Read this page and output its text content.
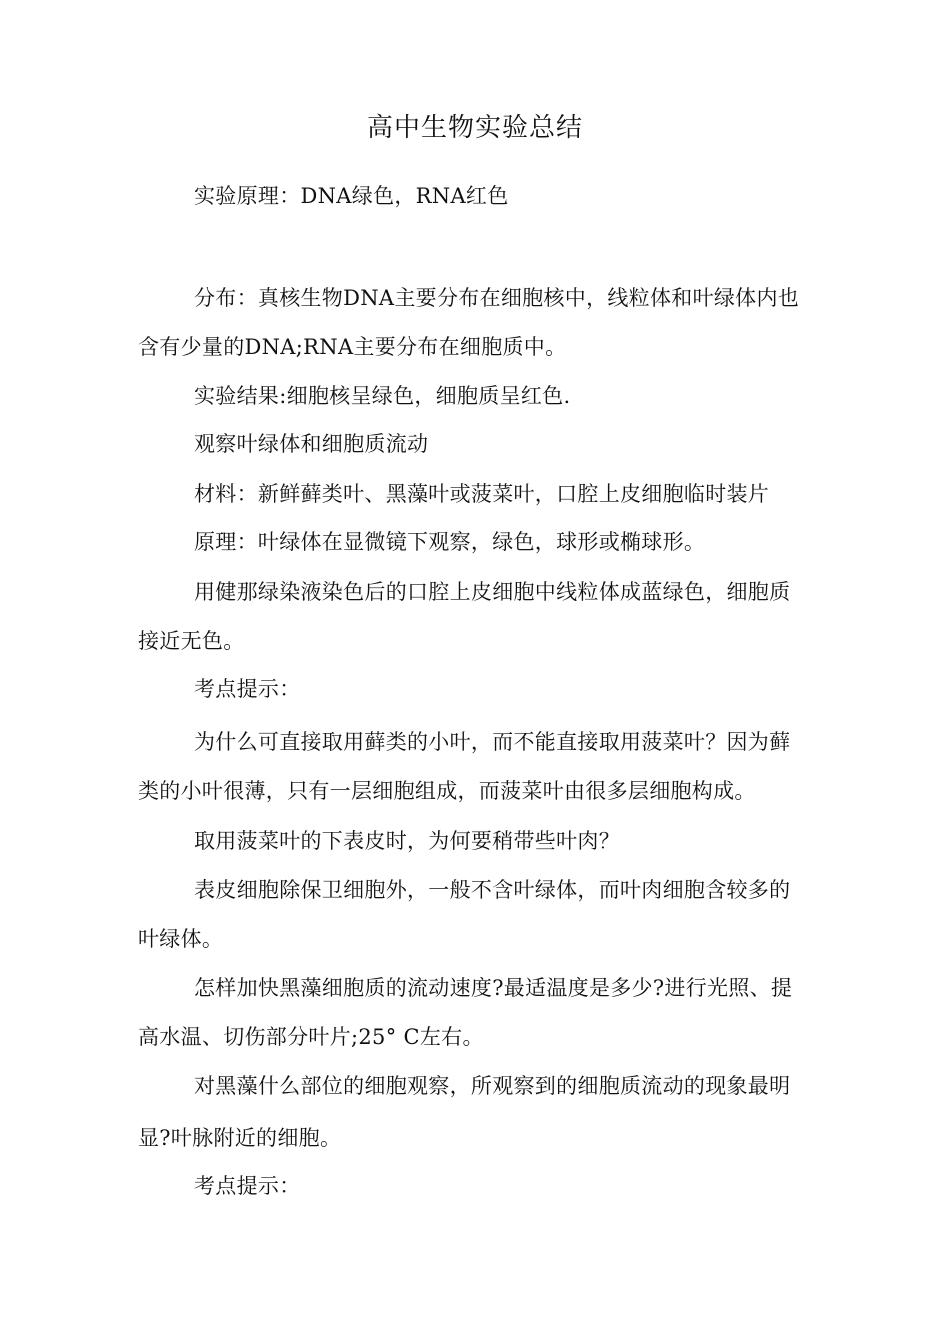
高中生物实验总结

实验原理：DNA绿色，RNA红色

分布：真核生物DNA主要分布在细胞核中，线粒体和叶绿体内也含有少量的DNA;RNA主要分布在细胞质中。

实验结果:细胞核呈绿色，细胞质呈红色.

观察叶绿体和细胞质流动

材料：新鲜藓类叶、黑藻叶或菠菜叶，口腔上皮细胞临时装片

原理：叶绿体在显微镜下观察，绿色，球形或椭球形。

用健那绿染液染色后的口腔上皮细胞中线粒体成蓝绿色，细胞质接近无色。

考点提示：

为什么可直接取用藓类的小叶，而不能直接取用菠菜叶？因为藓类的小叶很薄，只有一层细胞组成，而菠菜叶由很多层细胞构成。

取用菠菜叶的下表皮时，为何要稍带些叶肉？

表皮细胞除保卫细胞外，一般不含叶绿体，而叶肉细胞含较多的叶绿体。

怎样加快黑藻细胞质的流动速度?最适温度是多少?进行光照、提高水温、切伤部分叶片;25° C左右。

对黑藻什么部位的细胞观察，所观察到的细胞质流动的现象最明显?叶脉附近的细胞。

考点提示：
